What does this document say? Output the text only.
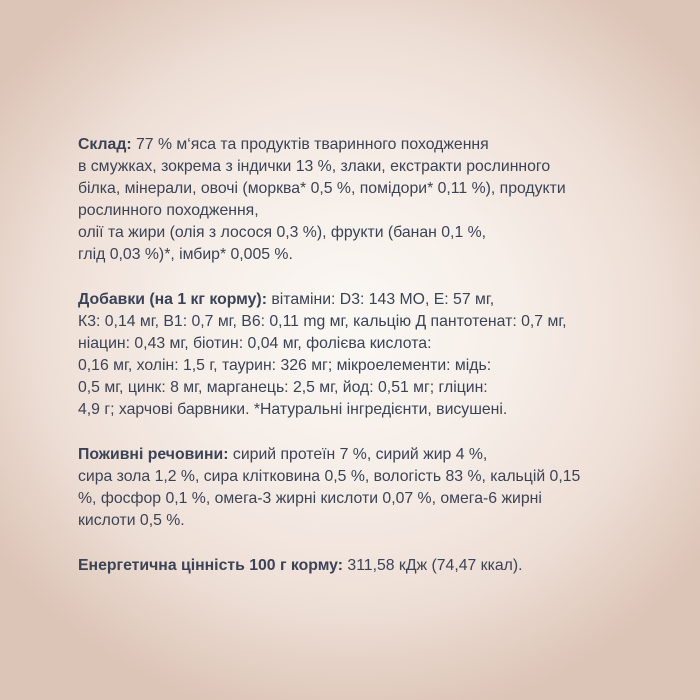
Склад: 77 % м‘яса та продуктів тваринного походження
в смужках, зокрема з індички 13 %, злаки, екстракти рослинного
білка, мінерали, овочі (морква* 0,5 %, помідори* 0,11 %), продукти
рослинного походження,
олії та жири (олія з лосося 0,3 %), фрукти (банан 0,1 %,
глід 0,03 %)*, імбир* 0,005 %.
Добавки (на 1 кг корму): вітаміни: D3: 143 МО, E: 57 мг,
К3: 0,14 мг, В1: 0,7 мг, В6: 0,11 mg мг, кальцію Д пантотенат: 0,7 мг,
ніацин: 0,43 мг, біотин: 0,04 мг, фолієва кислота:
0,16 мг, холін: 1,5 г, таурин: 326 мг; мікроелементи: мідь:
0,5 мг, цинк: 8 мг, марганець: 2,5 мг, йод: 0,51 мг; гліцин:
4,9 г; харчові барвники. *Натуральні інгредієнти, висушені.
Поживні речовини: сирий протеїн 7 %, сирий жир 4 %,
сира зола 1,2 %, сира клітковина 0,5 %, вологість 83 %, кальцій 0,15
%, фосфор 0,1 %, омега-3 жирні кислоти 0,07 %, омега-6 жирні
кислоти 0,5 %.
Енергетична цінність 100 г корму: 311,58 кДж (74,47 ккал).
